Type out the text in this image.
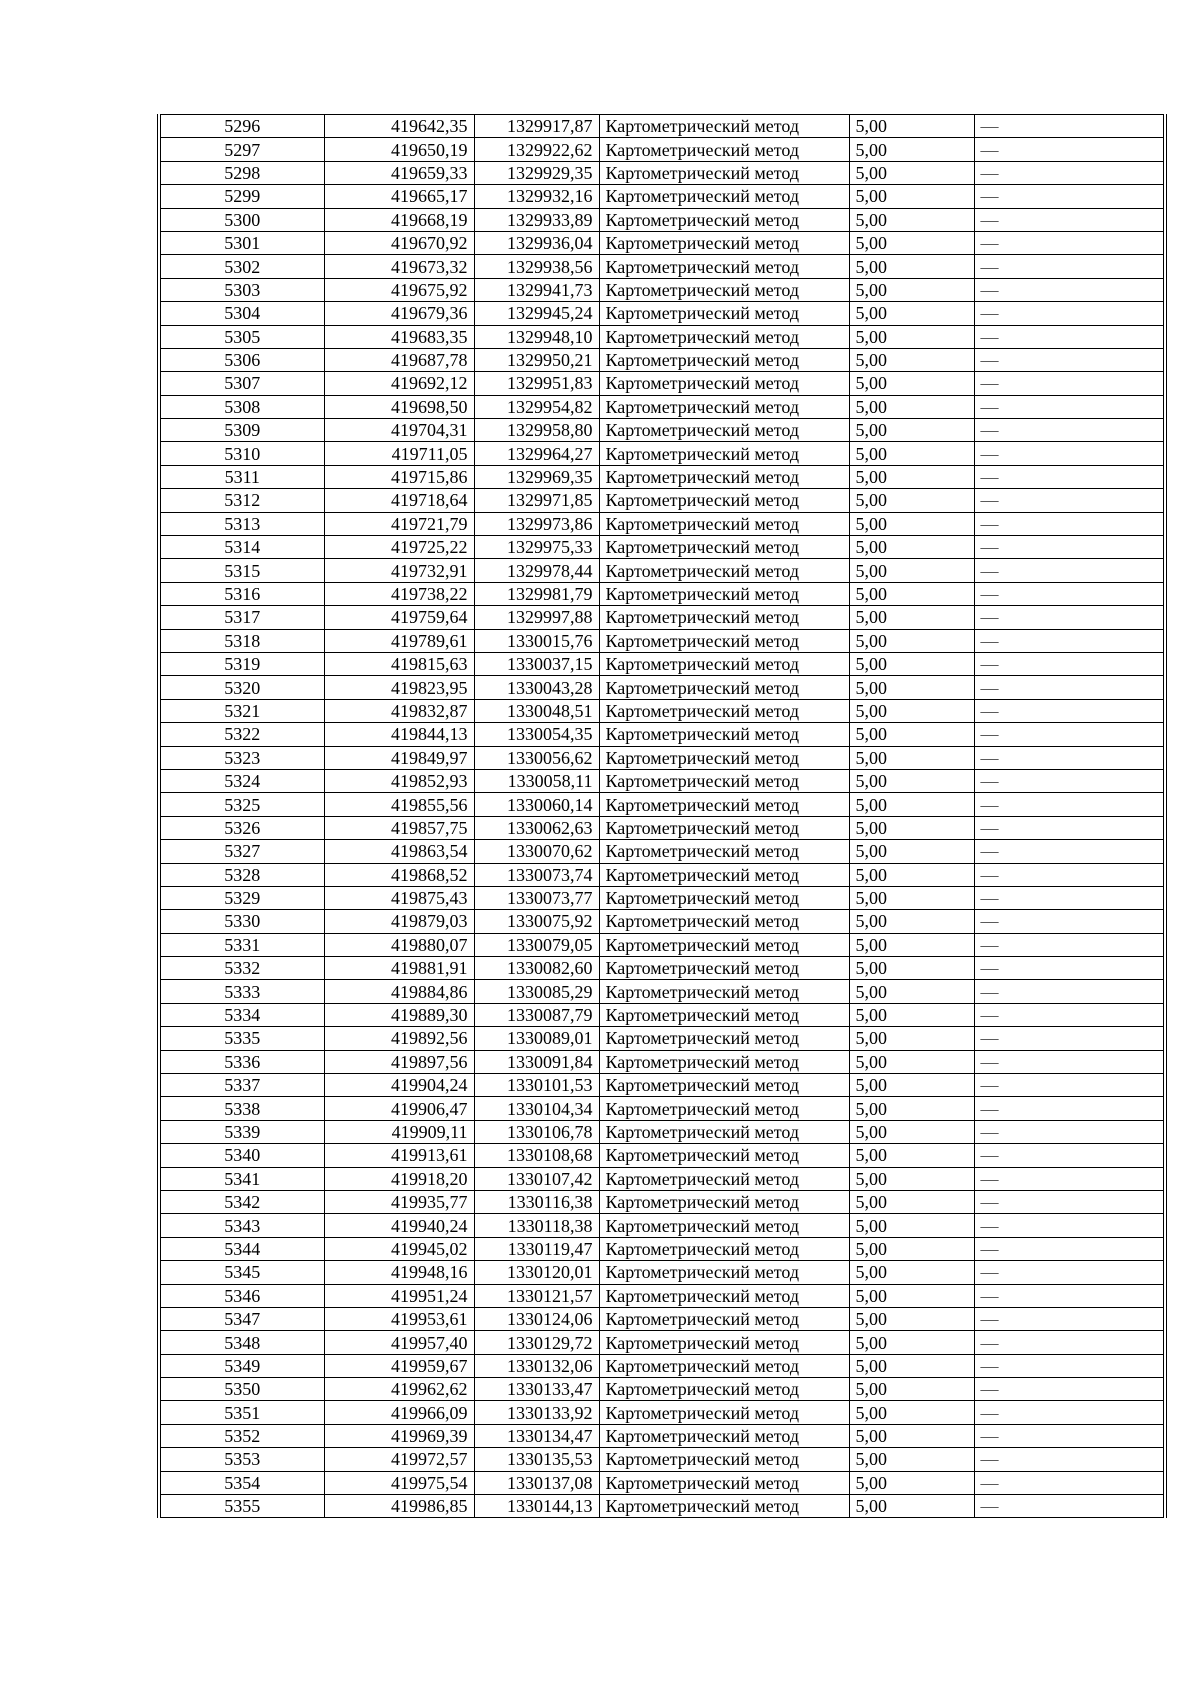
5296	419642,35	1329917,87	Картометрический метод	5,00	—
5297	419650,19	1329922,62	Картометрический метод	5,00	—
5298	419659,33	1329929,35	Картометрический метод	5,00	—
5299	419665,17	1329932,16	Картометрический метод	5,00	—
5300	419668,19	1329933,89	Картометрический метод	5,00	—
5301	419670,92	1329936,04	Картометрический метод	5,00	—
5302	419673,32	1329938,56	Картометрический метод	5,00	—
5303	419675,92	1329941,73	Картометрический метод	5,00	—
5304	419679,36	1329945,24	Картометрический метод	5,00	—
5305	419683,35	1329948,10	Картометрический метод	5,00	—
5306	419687,78	1329950,21	Картометрический метод	5,00	—
5307	419692,12	1329951,83	Картометрический метод	5,00	—
5308	419698,50	1329954,82	Картометрический метод	5,00	—
5309	419704,31	1329958,80	Картометрический метод	5,00	—
5310	419711,05	1329964,27	Картометрический метод	5,00	—
5311	419715,86	1329969,35	Картометрический метод	5,00	—
5312	419718,64	1329971,85	Картометрический метод	5,00	—
5313	419721,79	1329973,86	Картометрический метод	5,00	—
5314	419725,22	1329975,33	Картометрический метод	5,00	—
5315	419732,91	1329978,44	Картометрический метод	5,00	—
5316	419738,22	1329981,79	Картометрический метод	5,00	—
5317	419759,64	1329997,88	Картометрический метод	5,00	—
5318	419789,61	1330015,76	Картометрический метод	5,00	—
5319	419815,63	1330037,15	Картометрический метод	5,00	—
5320	419823,95	1330043,28	Картометрический метод	5,00	—
5321	419832,87	1330048,51	Картометрический метод	5,00	—
5322	419844,13	1330054,35	Картометрический метод	5,00	—
5323	419849,97	1330056,62	Картометрический метод	5,00	—
5324	419852,93	1330058,11	Картометрический метод	5,00	—
5325	419855,56	1330060,14	Картометрический метод	5,00	—
5326	419857,75	1330062,63	Картометрический метод	5,00	—
5327	419863,54	1330070,62	Картометрический метод	5,00	—
5328	419868,52	1330073,74	Картометрический метод	5,00	—
5329	419875,43	1330073,77	Картометрический метод	5,00	—
5330	419879,03	1330075,92	Картометрический метод	5,00	—
5331	419880,07	1330079,05	Картометрический метод	5,00	—
5332	419881,91	1330082,60	Картометрический метод	5,00	—
5333	419884,86	1330085,29	Картометрический метод	5,00	—
5334	419889,30	1330087,79	Картометрический метод	5,00	—
5335	419892,56	1330089,01	Картометрический метод	5,00	—
5336	419897,56	1330091,84	Картометрический метод	5,00	—
5337	419904,24	1330101,53	Картометрический метод	5,00	—
5338	419906,47	1330104,34	Картометрический метод	5,00	—
5339	419909,11	1330106,78	Картометрический метод	5,00	—
5340	419913,61	1330108,68	Картометрический метод	5,00	—
5341	419918,20	1330107,42	Картометрический метод	5,00	—
5342	419935,77	1330116,38	Картометрический метод	5,00	—
5343	419940,24	1330118,38	Картометрический метод	5,00	—
5344	419945,02	1330119,47	Картометрический метод	5,00	—
5345	419948,16	1330120,01	Картометрический метод	5,00	—
5346	419951,24	1330121,57	Картометрический метод	5,00	—
5347	419953,61	1330124,06	Картометрический метод	5,00	—
5348	419957,40	1330129,72	Картометрический метод	5,00	—
5349	419959,67	1330132,06	Картометрический метод	5,00	—
5350	419962,62	1330133,47	Картометрический метод	5,00	—
5351	419966,09	1330133,92	Картометрический метод	5,00	—
5352	419969,39	1330134,47	Картометрический метод	5,00	—
5353	419972,57	1330135,53	Картометрический метод	5,00	—
5354	419975,54	1330137,08	Картометрический метод	5,00	—
5355	419986,85	1330144,13	Картометрический метод	5,00	—
